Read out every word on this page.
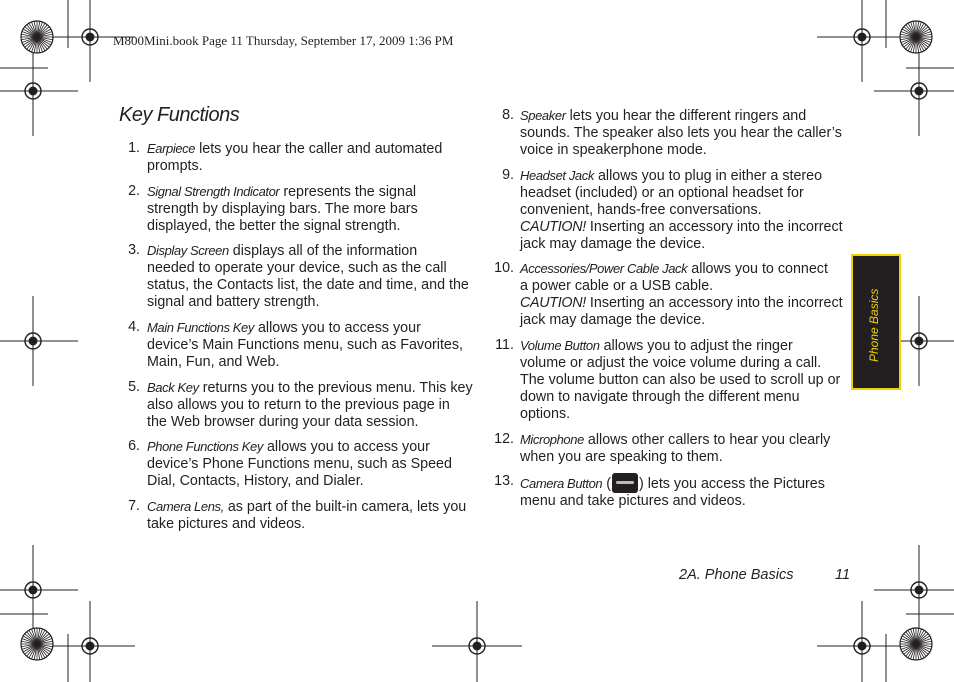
M800Mini.book Page 11 Thursday, September 17, 2009 1:36 PM
Key Functions
1. Earpiece lets you hear the caller and automated
prompts.
2. Signal Strength Indicator represents the signal
strength by displaying bars. The more bars
displayed, the better the signal strength.
3. Display Screen displays all of the information
needed to operate your device, such as the call
status, the Contacts list, the date and time, and the
signal and battery strength.
4. Main Functions Key allows you to access your
device’s Main Functions menu, such as Favorites,
Main, Fun, and Web.
5. Back Key returns you to the previous menu. This key
also allows you to return to the previous page in
the Web browser during your data session.
6. Phone Functions Key allows you to access your
device’s Phone Functions menu, such as Speed
Dial, Contacts, History, and Dialer.
7. Camera Lens, as part of the built-in camera, lets you
take pictures and videos.
8. Speaker lets you hear the different ringers and
sounds. The speaker also lets you hear the caller’s
voice in speakerphone mode.
9. Headset Jack allows you to plug in either a stereo
headset (included) or an optional headset for
convenient, hands-free conversations.
CAUTION! Inserting an accessory into the incorrect
jack may damage the device.
10. Accessories/Power Cable Jack allows you to connect
a power cable or a USB cable.
CAUTION! Inserting an accessory into the incorrect
jack may damage the device.
11. Volume Button allows you to adjust the ringer
volume or adjust the voice volume during a call.
The volume button can also be used to scroll up or
down to navigate through the different menu
options.
12. Microphone allows other callers to hear you clearly
when you are speaking to them.
13. Camera Button ( ) lets you access the Pictures
menu and take pictures and videos.
Phone Basics
2A. Phone Basics	11
